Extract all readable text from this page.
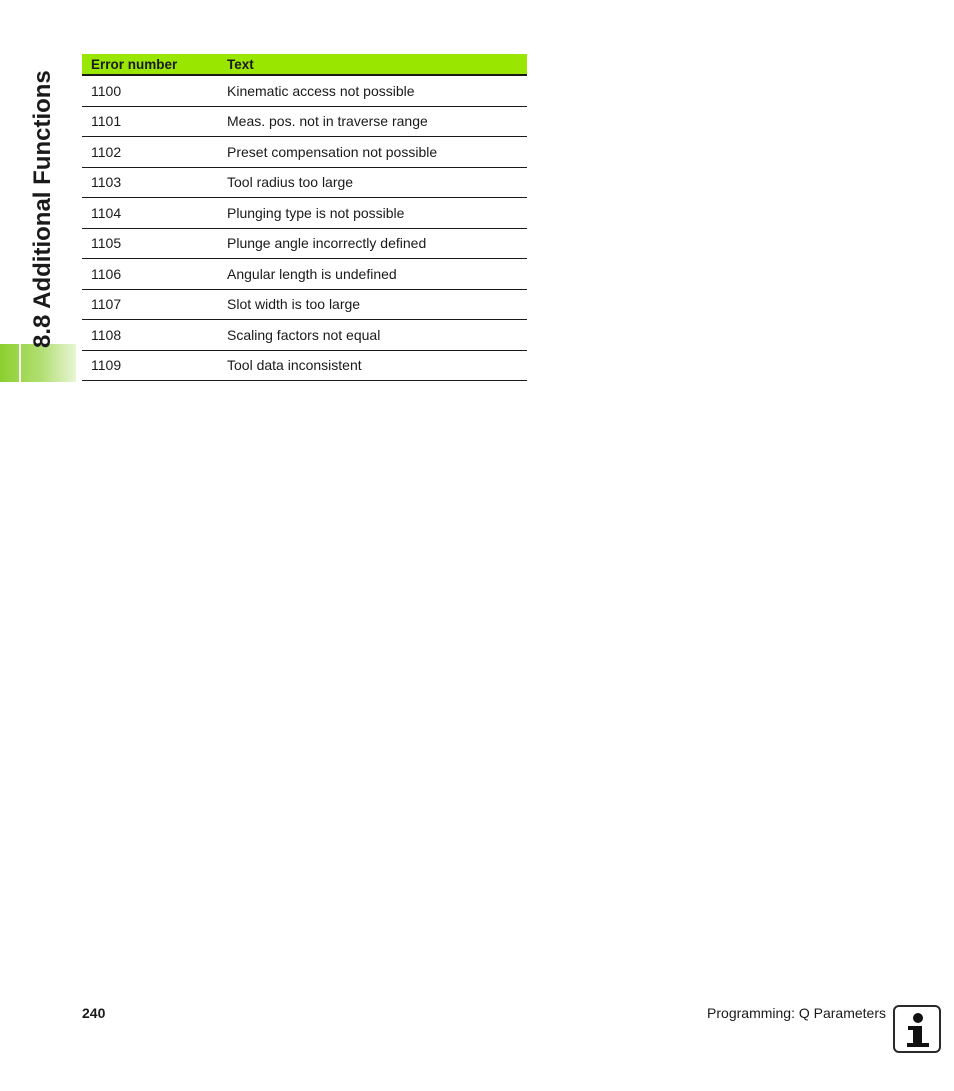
8.8 Additional Functions
Error number	Text
1100	Kinematic access not possible
1101	Meas. pos. not in traverse range
1102	Preset compensation not possible
1103	Tool radius too large
1104	Plunging type is not possible
1105	Plunge angle incorrectly defined
1106	Angular length is undefined
1107	Slot width is too large
1108	Scaling factors not equal
1109	Tool data inconsistent
240	Programming: Q Parameters
